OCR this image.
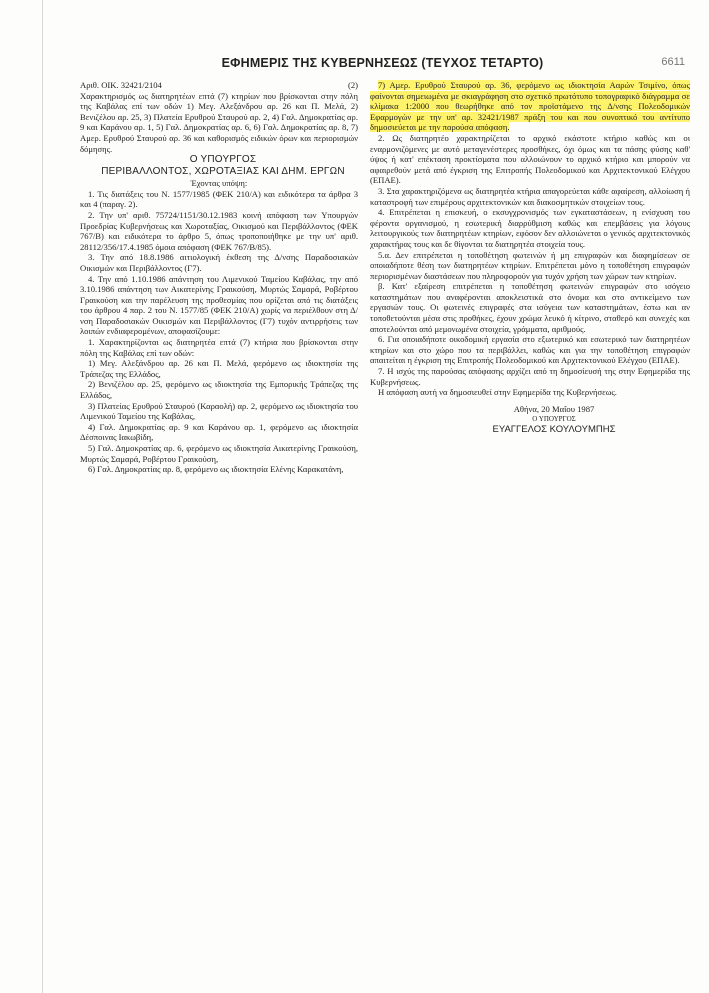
ΕΦΗΜΕΡΙΣ ΤΗΣ ΚΥΒΕΡΝΗΣΕΩΣ (ΤΕΥΧΟΣ ΤΕΤΑΡΤΟ)	6611
Αριθ. ΟΙΚ. 32421/2104	(2)

Χαρακτηρισμός ως διατηρητέων επτά (7) κτηρίων που βρίσκονται στην πόλη της Καβάλας επί των οδών 1) Μεγ. Αλεξάνδρου αρ. 26 και Π. Μελά, 2) Βενιζέλου αρ. 25, 3) Πλατεία Ερυθρού Σταυρού αρ. 2, 4) Γαλ. Δημοκρατίας αρ. 9 και Καράνου αρ. 1, 5) Γαλ. Δημοκρατίας αρ. 6, 6) Γαλ. Δημοκρατίας αρ. 8, 7) Αμερ. Ερυθρού Σταυρού αρ. 36 και καθορισμός ειδικών όρων και περιορισμών δόμησης.

Ο ΥΠΟΥΡΓΟΣ

ΠΕΡΙΒΑΛΛΟΝΤΟΣ, ΧΩΡΟΤΑΞΙΑΣ ΚΑΙ ΔΗΜ. ΕΡΓΩΝ

Έχοντας υπόψη:

1. Τις διατάξεις του Ν. 1577/1985 (ΦΕΚ 210/Α) και ειδικότερα τα άρθρα 3 και 4 (παραγ. 2).

2. Την υπ' αριθ. 75724/1151/30.12.1983 κοινή απόφαση των Υπουργών Προεδρίας Κυβερνήσεως και Χωροταξίας, Οικισμού και Περιβάλλοντος (ΦΕΚ 767/Β) και ειδικότερα το άρθρο 5, όπως τροποποιήθηκε με την υπ' αριθ. 28112/356/17.4.1985 όμοια απόφαση (ΦΕΚ 767/Β/85).

3. Την από 18.8.1986 αιτιολογική έκθεση της Δ/νσης Παραδοσιακών Οικισμών και Περιβάλλοντος (Γ7).

4. Την από 1.10.1986 απάντηση του Λιμενικού Ταμείου Καβάλας, την από 3.10.1986 απάντηση των Αικατερίνης Γραικούση, Μυρτώς Σαμαρά, Ροβέρτου Γραικούση και την παρέλευση της προθεσμίας που ορίζεται από τις διατάξεις του άρθρου 4 παρ. 2 του Ν. 1577/85 (ΦΕΚ 210/Α) χωρίς να περιέλθουν στη Δ/νση Παραδοσιακών Οικισμών και Περιβάλλοντος (Γ7) τυχόν αντιρρήσεις των λοιπών ενδιαφερομένων, αποφασίζουμε:

1. Χαρακτηρίζονται ως διατηρητέα επτά (7) κτήρια που βρίσκονται στην πόλη της Καβάλας επί των οδών:

1) Μεγ. Αλεξάνδρου αρ. 26 και Π. Μελά, φερόμενο ως ιδιοκτησία της Τράπεζας της Ελλάδος,

2) Βενιζέλου αρ. 25, φερόμενο ως ιδιοκτησία της Εμπορικής Τράπεζας της Ελλάδος,

3) Πλατείας Ερυθρού Σταυρού (Καραολή) αρ. 2, φερόμενο ως ιδιοκτησία του Λιμενικού Ταμείου της Καβάλας,

4) Γαλ. Δημοκρατίας αρ. 9 και Καράνου αρ. 1, φερόμενο ως ιδιοκτησία Δέσποινας Ιακωβίδη,

5) Γαλ. Δημοκρατίας αρ. 6, φερόμενο ως ιδιοκτησία Αικατερίνης Γραικούση, Μυρτώς Σαμαρά, Ροβέρτου Γραικούση,

6) Γαλ. Δημοκρατίας αρ. 8, φερόμενο ως ιδιοκτησία Ελένης Καρακατάνη,

7) Αμερ. Ερυθρού Σταυρού αρ. 36, φερόμενο ως ιδιοκτησία Ααρών Τσιμίνο, όπως φαίνονται σημειωμένα με σκιαγράφηση στο σχετικό πρωτότυπο τοπογραφικό διάγραμμα σε κλίμακα 1:2000 που θεωρήθηκε από τον προϊστάμενο της Δ/νσης Πολεοδομικών Εφαρμογών με την υπ' αρ. 32421/1987 πράξη του και που συνοπτικό του αντίτυπο δημοσιεύεται με την παρούσα απόφαση.

2. Ως διατηρητέο χαρακτηρίζεται το αρχικό εκάστοτε κτήριο καθώς και οι εναρμονιζόμενες με αυτό μεταγενέστερες προσθήκες, όχι όμως και τα πάσης φύσης καθ' ύψος ή κατ' επέκταση προκτίσματα που αλλοιώνουν το αρχικό κτήριο και μπορούν να αφαιρεθούν μετά από έγκριση της Επιτροπής Πολεοδομικού και Αρχιτεκτονικού Ελέγχου (ΕΠΑΕ).

3. Στα χαρακτηριζόμενα ως διατηρητέα κτήρια απαγορεύεται κάθε αφαίρεση, αλλοίωση ή καταστροφή των επιμέρους αρχιτεκτονικών και διακοσμητικών στοιχείων τους.

4. Επιτρέπεται η επισκευή, ο εκσυγχρονισμός των εγκαταστάσεων, η ενίσχυση του φέροντα οργανισμού, η εσωτερική διαρρύθμιση καθώς και επεμβάσεις για λόγους λειτουργικούς των διατηρητέων κτηρίων, εφόσον δεν αλλοιώνεται ο γενικός αρχιτεκτονικός χαρακτήρας τους και δε θίγονται τα διατηρητέα στοιχεία τους.

5.α. Δεν επιτρέπεται η τοποθέτηση φωτεινών ή μη επιγραφών και διαφημίσεων σε οποιαδήποτε θέση των διατηρητέων κτηρίων. Επιτρέπεται μόνο η τοποθέτηση επιγραφών περιορισμένων διαστάσεων που πληροφορούν για τυχόν χρήση των χώρων των κτηρίων.

β. Κατ' εξαίρεση επιτρέπεται η τοποθέτηση φωτεινών επιγραφών στο ισόγειο καταστημάτων που αναφέρονται αποκλειστικά στο όνομα και στο αντικείμενο των εργασιών τους. Οι φωτεινές επιγραφές στα ισόγεια των καταστημάτων, έστω και αν τοποθετούνται μέσα στις προθήκες, έχουν χρώμα λευκό ή κίτρινο, σταθερό και συνεχές και αποτελούνται από μεμονωμένα στοιχεία, γράμματα, αριθμούς.

6. Για οποιαδήποτε οικοδομική εργασία στο εξωτερικό και εσωτερικό των διατηρητέων κτηρίων και στο χώρο που τα περιβάλλει, καθώς και για την τοποθέτηση επιγραφών απαιτείται η έγκριση της Επιτροπής Πολεοδομικού και Αρχιτεκτονικού Ελέγχου (ΕΠΑΕ).

7. Η ισχύς της παρούσας απόφασης αρχίζει από τη δημοσίευσή της στην Εφημερίδα της Κυβερνήσεως.

Η απόφαση αυτή να δημοσιευθεί στην Εφημερίδα της Κυβερνήσεως.

Αθήνα, 20 Μαΐου 1987

Ο ΥΠΟΥΡΓΟΣ

ΕΥΑΓΓΕΛΟΣ ΚΟΥΛΟΥΜΠΗΣ
